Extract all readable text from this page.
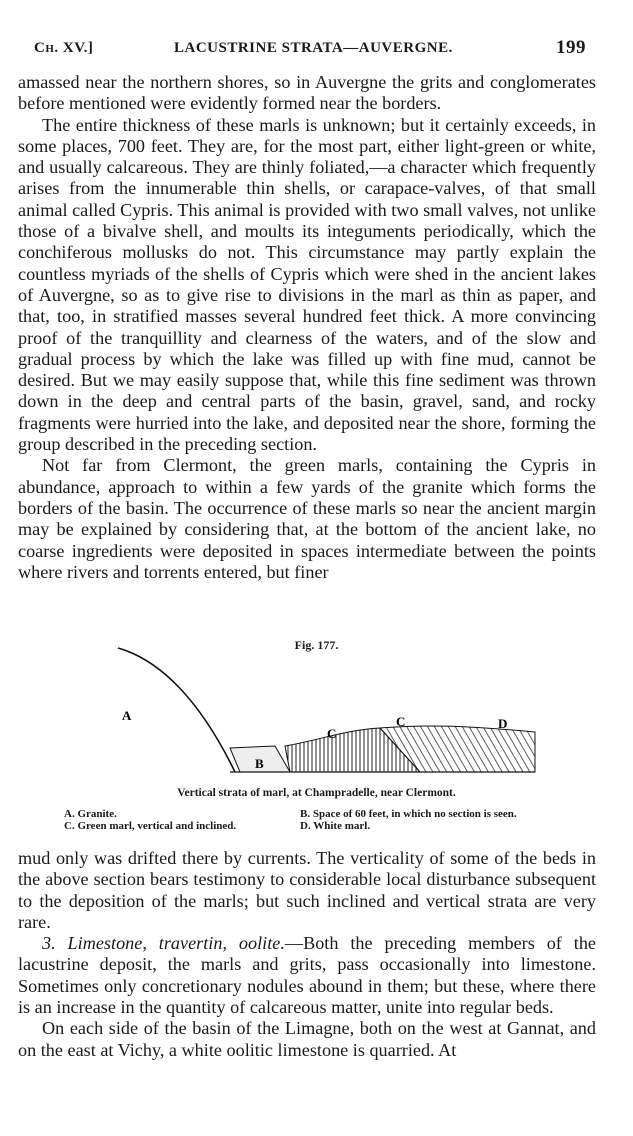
Ch. XV.]	LACUSTRINE STRATA—AUVERGNE.	199

amassed near the northern shores, so in Auvergne the grits and conglomerates before mentioned were evidently formed near the borders.

The entire thickness of these marls is unknown; but it certainly exceeds, in some places, 700 feet. They are, for the most part, either light-green or white, and usually calcareous. They are thinly foliated,—a character which frequently arises from the innumerable thin shells, or carapace-valves, of that small animal called Cypris. This animal is provided with two small valves, not unlike those of a bivalve shell, and moults its integuments periodically, which the conchiferous mollusks do not. This circumstance may partly explain the countless myriads of the shells of Cypris which were shed in the ancient lakes of Auvergne, so as to give rise to divisions in the marl as thin as paper, and that, too, in stratified masses several hundred feet thick. A more convincing proof of the tranquillity and clearness of the waters, and of the slow and gradual process by which the lake was filled up with fine mud, cannot be desired. But we may easily suppose that, while this fine sediment was thrown down in the deep and central parts of the basin, gravel, sand, and rocky fragments were hurried into the lake, and deposited near the shore, forming the group described in the preceding section.

Not far from Clermont, the green marls, containing the Cypris in abundance, approach to within a few yards of the granite which forms the borders of the basin. The occurrence of these marls so near the ancient margin may be explained by considering that, at the bottom of the ancient lake, no coarse ingredients were deposited in spaces intermediate between the points where rivers and torrents entered, but finer

Fig. 177.
A
B
C
C	D
Vertical strata of marl, at Champradelle, near Clermont.
A. Granite.	B. Space of 60 feet, in which no section is seen.
C. Green marl, vertical and inclined.	D. White marl.

mud only was drifted there by currents. The verticality of some of the beds in the above section bears testimony to considerable local disturbance subsequent to the deposition of the marls; but such inclined and vertical strata are very rare.

3. Limestone, travertin, oolite.—Both the preceding members of the lacustrine deposit, the marls and grits, pass occasionally into limestone. Sometimes only concretionary nodules abound in them; but these, where there is an increase in the quantity of calcareous matter, unite into regular beds.

On each side of the basin of the Limagne, both on the west at Gannat, and on the east at Vichy, a white oolitic limestone is quarried. At
